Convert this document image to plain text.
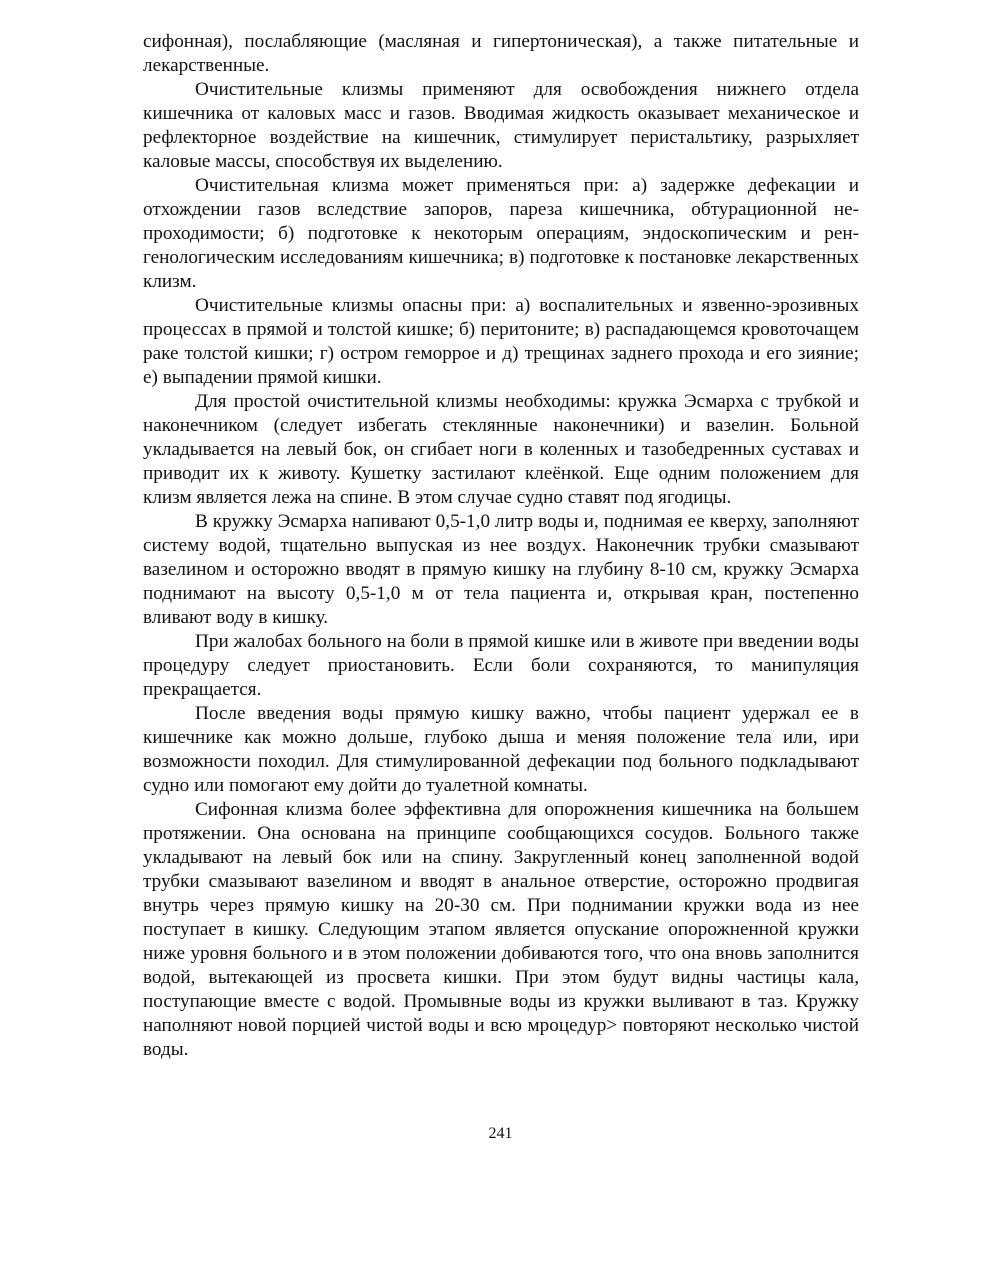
сифонная), послабляющие (масляная и гипертоническая), а также питательные и лекарственные.

Очистительные клизмы применяют для освобождения нижнего отдела кишечника от каловых масс и газов. Вводимая жидкость оказывает механическое и рефлекторное воздействие на кишечник, стимулирует перистальтику, разрыхляет каловые массы, способствуя их выделению.

Очистительная клизма может применяться при: а) задержке дефекации и отхождении газов вследствие запоров, пареза кишечника, обтурационной непроходимости; б) подготовке к некоторым операциям, эндоскопическим и ренгенологическим исследованиям кишечника; в) подготовке к постановке лекарственных клизм.

Очистительные клизмы опасны при: а) воспалительных и язвенно-эрозивных процессах в прямой и толстой кишке; б) перитоните; в) распадающемся кровоточащем раке толстой кишки; г) остром геморрое и д) трещинах заднего прохода и его зияние; е) выпадении прямой кишки.

Для простой очистительной клизмы необходимы: кружка Эсмарха с трубкой и наконечником (следует избегать стеклянные наконечники) и вазелин. Больной укладывается на левый бок, он сгибает ноги в коленных и тазобедренных суставах и приводит их к животу. Кушетку застилают клеёнкой. Еще одним положением для клизм является лежа на спине. В этом случае судно ставят под ягодицы.

В кружку Эсмарха напивают 0,5-1,0 литр воды и, поднимая ее кверху, заполняют систему водой, тщательно выпуская из нее воздух. Наконечник трубки смазывают вазелином и осторожно вводят в прямую кишку на глубину 8-10 см, кружку Эсмарха поднимают на высоту 0,5-1,0 м от тела пациента и, открывая кран, постепенно вливают воду в кишку.

При жалобах больного на боли в прямой кишке или в животе при введении воды процедуру следует приостановить. Если боли сохраняются, то манипуляция прекращается.

После введения воды прямую кишку важно, чтобы пациент удержал ее в кишечнике как можно дольше, глубоко дыша и меняя положение тела или, ири возможности походил. Для стимулированной дефекации под больного подкладывают судно или помогают ему дойти до туалетной комнаты.

Сифонная клизма более эффективна для опорожнения кишечника на большем протяжении. Она основана на принципе сообщающихся сосудов. Больного также укладывают на левый бок или на спину. Закругленный конец заполненной водой трубки смазывают вазелином и вводят в анальное отверстие, осторожно продвигая внутрь через прямую кишку на 20-30 см. При поднимании кружки вода из нее поступает в кишку. Следующим этапом является опускание опорожненной кружки ниже уровня больного и в этом положении добиваются того, что она вновь заполнится водой, вытекающей из просвета кишки. При этом будут видны частицы кала, поступающие вместе с водой. Промывные воды из кружки выливают в таз. Кружку наполняют новой порцией чистой воды и всю мроцедур> повторяют несколько чистой воды.

241
